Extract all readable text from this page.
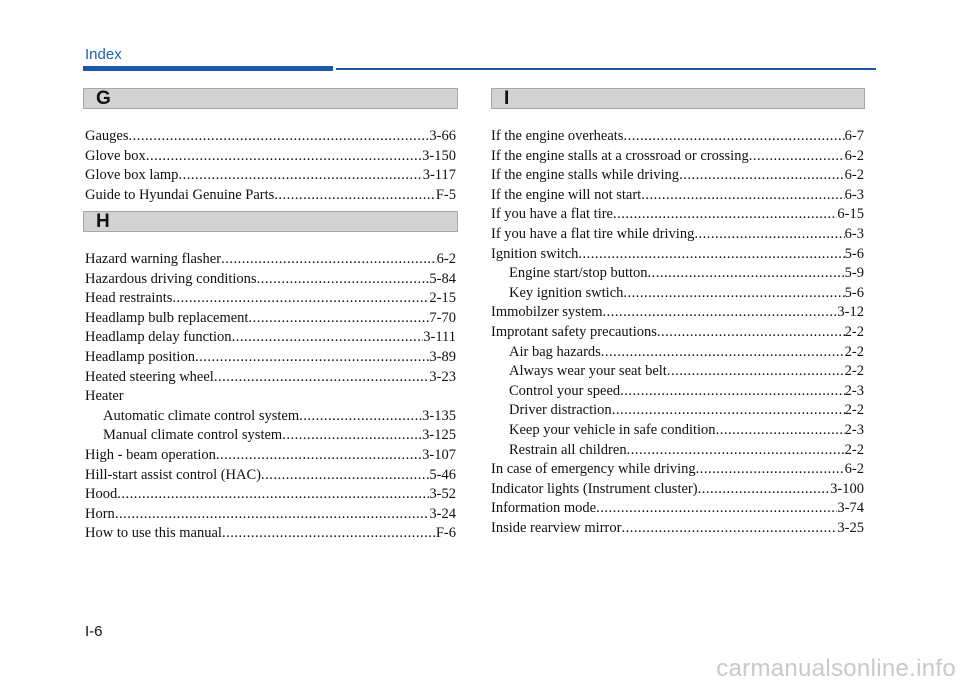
Index
G
H
I
Gauges .....	3-66
Glove box .....	3-150
Glove box lamp .....	3-117
Guide to Hyundai Genuine Parts .....	F-5
Hazard warning flasher .....	6-2
Hazardous driving conditions .....	5-84
Head restraints .....	2-15
Headlamp bulb replacement .....	7-70
Headlamp delay function .....	3-111
Headlamp position .....	3-89
Heated steering wheel .....	3-23
Heater
Automatic climate control system .....	3-135
Manual climate control system .....	3-125
High - beam operation .....	3-107
Hill-start assist control (HAC) .....	5-46
Hood .....	3-52
Horn .....	3-24
How to use this manual .....	F-6
If the engine overheats .....	6-7
If the engine stalls at a crossroad or crossing .....	6-2
If the engine stalls while driving .....	6-2
If the engine will not start .....	6-3
If you have a flat tire .....	6-15
If you have a flat tire while driving .....	6-3
Ignition switch .....	5-6
Engine start/stop button .....	5-9
Key ignition swtich .....	5-6
Immobilzer system .....	3-12
Improtant safety precautions .....	2-2
Air bag hazards .....	2-2
Always wear your seat belt .....	2-2
Control your speed .....	2-3
Driver distraction .....	2-2
Keep your vehicle in safe condition .....	2-3
Restrain all children .....	2-2
In case of emergency while driving .....	6-2
Indicator lights (Instrument cluster) .....	3-100
Information mode .....	3-74
Inside rearview mirror .....	3-25
I-6
carmanualsonline.info
